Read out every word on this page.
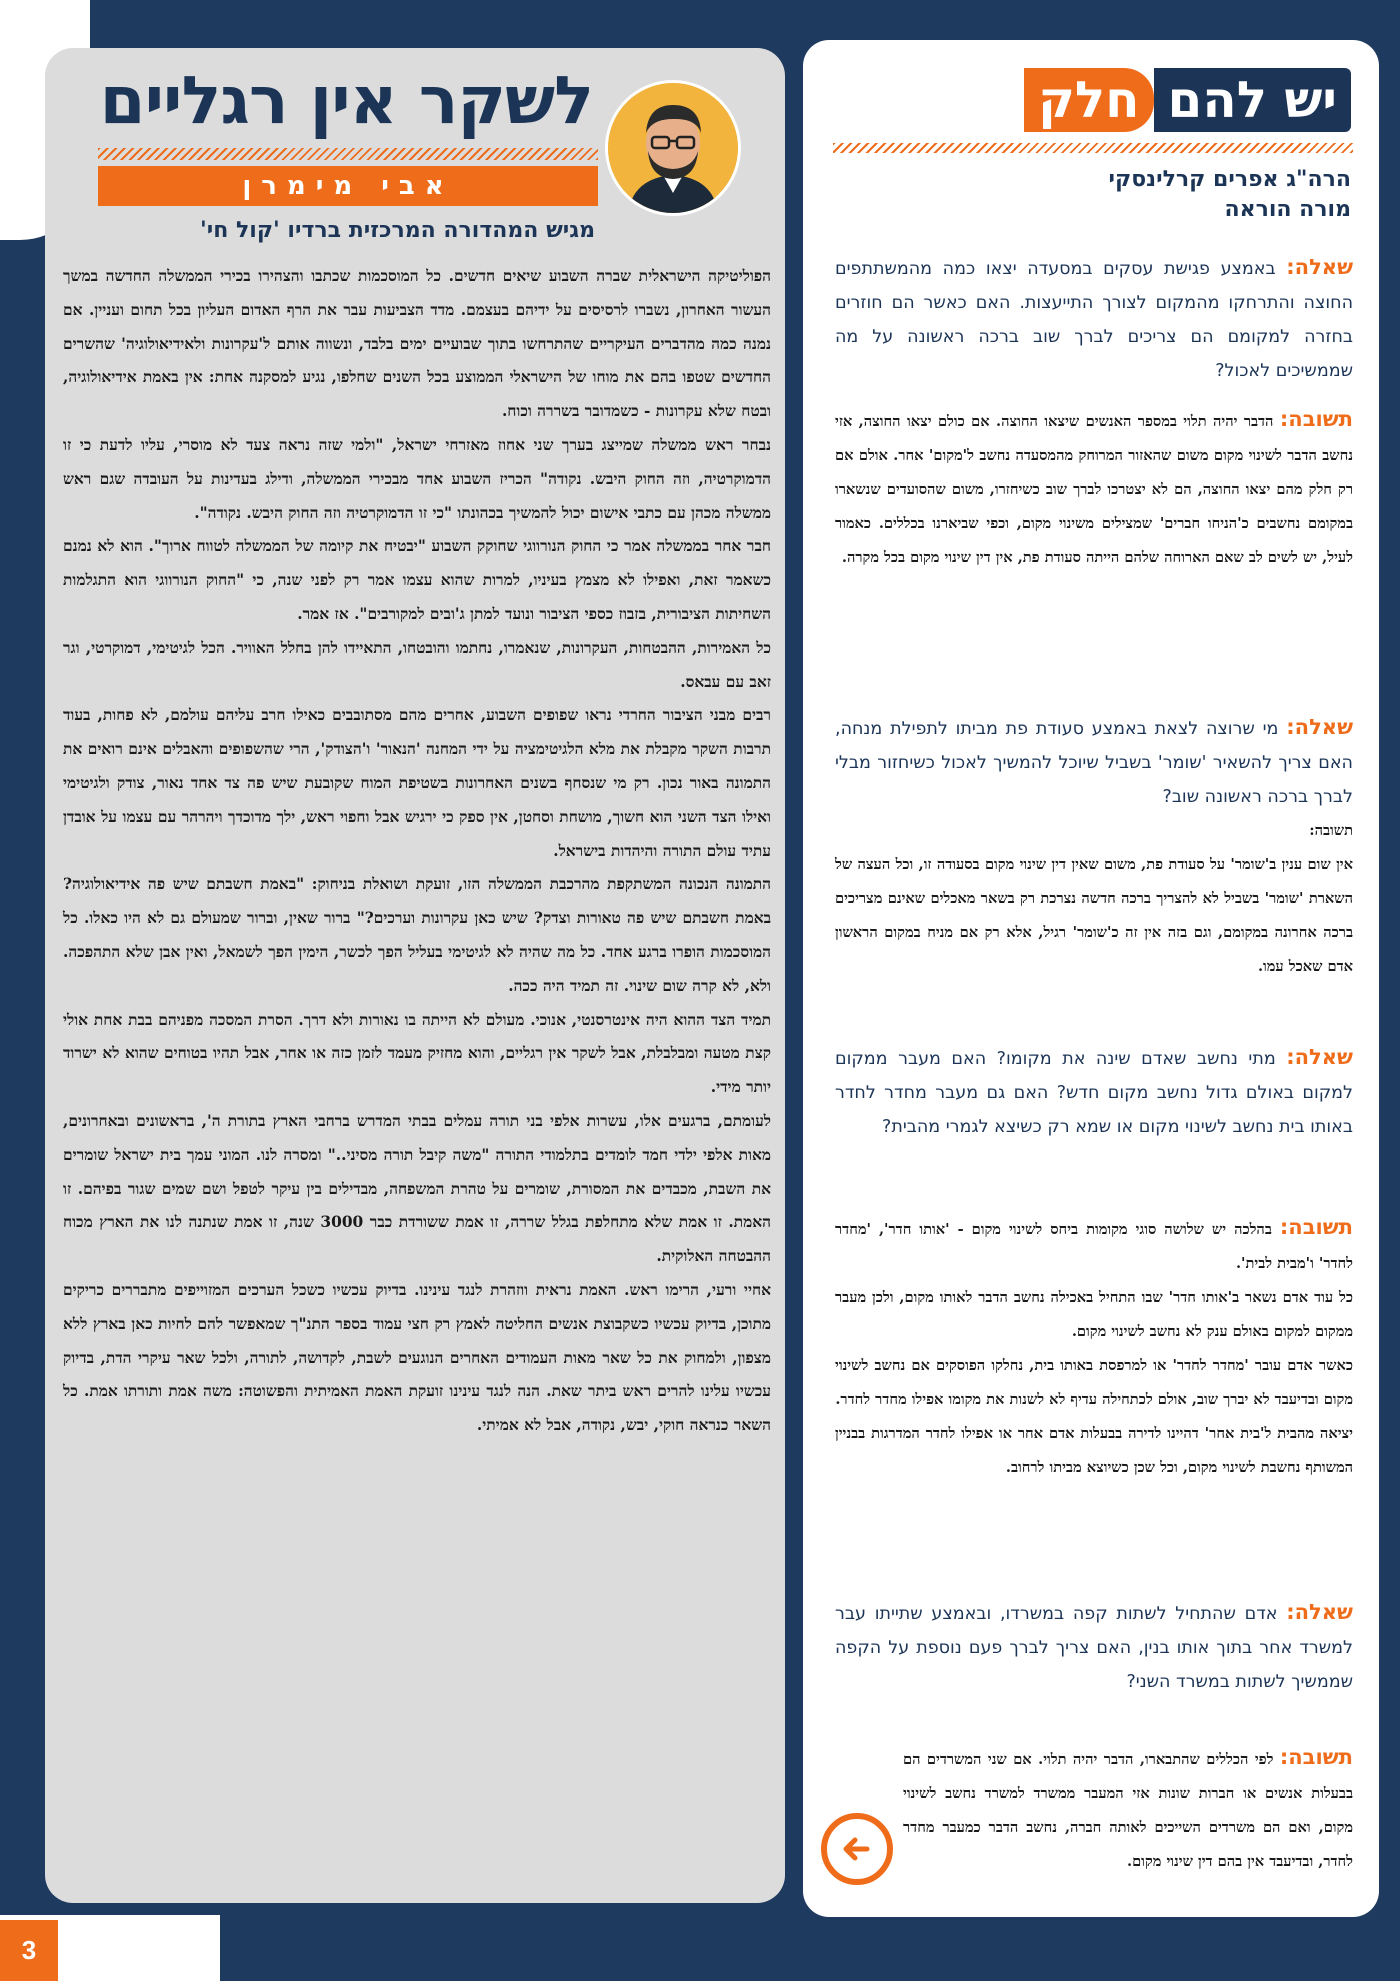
3
לשקר אין רגליים
אבי מימרן
מגיש המהדורה המרכזית ברדיו 'קול חי'

הפוליטיקה הישראלית שברה השבוע שיאים חדשים. כל המוסכמות שכתבו והצהירו בכירי הממשלה החדשה במשך העשור האחרון, נשברו לרסיסים על ידיהם בעצמם. מדד הצביעות עבר את הרף האדום העליון בכל תחום ועניין. אם נמנה כמה מהדברים העיקריים שהתרחשו בתוך שבועיים ימים בלבד, ונשווה אותם ל'עקרונות ולאידיאולוגיה' שהשרים החדשים שטפו בהם את מוחו של הישראלי הממוצע בכל השנים שחלפו, נגיע למסקנה אחת: אין באמת אידיאולוגיה, ובטח שלא עקרונות - כשמדובר בשררה וכוח.

נבחר ראש ממשלה שמייצג בערך שני אחוז מאזרחי ישראל, "ולמי שזה נראה צעד לא מוסרי, עליו לדעת כי זו הדמוקרטיה, וזה החוק היבש. נקודה" הכריז השבוע אחד מבכירי הממשלה, ודילג בעדינות על העובדה שגם ראש ממשלה מכהן עם כתבי אישום יכול להמשיך בכהונתו "כי זו הדמוקרטיה וזה החוק היבש. נקודה".

חבר אחר בממשלה אמר כי החוק הנורווגי שחוקק השבוע "יבטיח את קיומה של הממשלה לטווח ארוך". הוא לא נמנם כשאמר זאת, ואפילו לא מצמץ בעיניו, למרות שהוא עצמו אמר רק לפני שנה, כי "החוק הנורווגי הוא התגלמות השחיתות הציבורית, בזבוז כספי הציבור ונועד למתן ג'ובים למקורבים". אז אמר.

כל האמירות, ההבטחות, העקרונות, שנאמרו, נחתמו והובטחו, התאיידו להן בחלל האוויר. הכל לגיטימי, דמוקרטי, וגר זאב עם עבאס.

רבים מבני הציבור החרדי נראו שפופים השבוע, אחרים מהם מסתובבים כאילו חרב עליהם עולמם, לא פחות, בעוד תרבות השקר מקבלת את מלא הלגיטימציה על ידי המחנה 'הנאור' ו'הצודק', הרי שהשפופים והאבלים אינם רואים את התמונה באור נכון. רק מי שנסחף בשנים האחרונות בשטיפת המוח שקובעת שיש פה צד אחד נאור, צודק ולגיטימי ואילו הצד השני הוא חשוך, מושחת וסחטן, אין ספק כי ירגיש אבל וחפוי ראש, ילך מדוכדך ויהרהר עם עצמו על אובדן עתיד עולם התורה והיהדות בישראל.

התמונה הנכונה המשתקפת מהרכבת הממשלה הזו, זועקת ושואלת בניחוק: "באמת חשבתם שיש פה אידיאולוגיה? באמת חשבתם שיש פה טאורות וצדק? שיש כאן עקרונות וערכים?" ברור שאין, וברור שמעולם גם לא היו כאלו. כל המוסכמות הופרו ברגע אחד. כל מה שהיה לא לגיטימי בעליל הפך לכשר, הימין הפך לשמאל, ואין אבן שלא התהפכה. ולא, לא קרה שום שינוי. זה תמיד היה ככה.

תמיד הצד ההוא היה אינטרסנטי, אנוכי. מעולם לא הייתה בו נאורות ולא דרך. הסרת המסכה מפניהם בבת אחת אולי קצת מטעה ומבלבלת, אבל לשקר אין רגליים, והוא מחזיק מעמד לזמן כזה או אחר, אבל תהיו בטוחים שהוא לא ישרוד יותר מידי.

לעומתם, ברגעים אלו, עשרות אלפי בני תורה עמלים בבתי המדרש ברחבי הארץ בתורת ה', בראשונים ובאחרונים, מאות אלפי ילדי חמד לומדים בתלמודי התורה "משה קיבל תורה מסיני.." ומסרה לנו. המוני עמך בית ישראל שומרים את השבת, מכבדים את המסורת, שומרים על טהרת המשפחה, מבדילים בין עיקר לטפל ושם שמים שגור בפיהם. זו האמת. זו אמת שלא מתחלפת בגלל שררה, זו אמת ששורדת כבר 3000 שנה, זו אמת שנתנה לנו את הארץ מכוח ההבטחה האלוקית.

אחיי ורעי, הרימו ראש. האמת נראית ווזהרת לנגד עינינו. בדיוק עכשיו כשכל הערכים המזוייפים מתבררים כריקים מתוכן, בדיוק עכשיו כשקבוצת אנשים החליטה לאמץ רק חצי עמוד בספר התנ"ך שמאפשר להם לחיות כאן בארץ ללא מצפון, ולמחוק את כל שאר מאות העמודים האחרים הנוגעים לשבת, לקדושה, לתורה, ולכל שאר עיקרי הדת, בדיוק עכשיו עלינו להרים ראש ביתר שאת. הנה לנגד עינינו זועקת האמת האמיתית והפשוטה: משה אמת ותורתו אמת. כל השאר כנראה חוקי, יבש, נקודה, אבל לא אמיתי.

יש להם
חלק
הרה"ג אפרים קרלינסקי
מורה הוראה
שאלה: באמצע פגישת עסקים במסעדה יצאו כמה מהמשתתפים החוצה והתרחקו מהמקום לצורך התייעצות. האם כאשר הם חוזרים בחזרה למקומם הם צריכים לברך שוב ברכה ראשונה על מה שממשיכים לאכול?
תשובה: הדבר יהיה תלוי במספר האנשים שיצאו החוצה. אם כולם יצאו החוצה, אזי נחשב הדבר לשינוי מקום משום שהאזור המרוחק מהמסעדה נחשב ל'מקום' אחר. אולם אם רק חלק מהם יצאו החוצה, הם לא יצטרכו לברך שוב כשיחזרו, משום שהסועדים שנשארו במקומם נחשבים כ'הניחו חברים' שמצילים משינוי מקום, וכפי שביארנו בכללים. כאמור לעיל, יש לשים לב שאם הארוחה שלהם הייתה סעודת פת, אין דין שינוי מקום בכל מקרה.
שאלה: מי שרוצה לצאת באמצע סעודת פת מביתו לתפילת מנחה, האם צריך להשאיר 'שומר' בשביל שיוכל להמשיך לאכול כשיחזור מבלי לברך ברכה ראשונה שוב?

תשובה:

אין שום ענין ב'שומר' על סעודת פת, משום שאין דין שינוי מקום בסעודה זו, וכל העצה של השארת 'שומר' בשביל לא להצריך ברכה חדשה נצרכת רק בשאר מאכלים שאינם מצריכים ברכה אחרונה במקומם, וגם בזה אין זה כ'שומר' רגיל, אלא רק אם מניח במקום הראשון אדם שאכל עמו.

שאלה: מתי נחשב שאדם שינה את מקומו? האם מעבר ממקום למקום באולם גדול נחשב מקום חדש? האם גם מעבר מחדר לחדר באותו בית נחשב לשינוי מקום או שמא רק כשיצא לגמרי מהבית?

תשובה: בהלכה יש שלושה סוגי מקומות ביחס לשינוי מקום - 'אותו חדר', 'מחדר לחדר' ו'מבית לבית'.

כל עוד אדם נשאר ב'אותו חדר' שבו התחיל באכילה נחשב הדבר לאותו מקום, ולכן מעבר ממקום למקום באולם ענק לא נחשב לשינוי מקום.

כאשר אדם עובר 'מחדר לחדר' או למרפסת באותו בית, נחלקו הפוסקים אם נחשב לשינוי מקום ובדיעבד לא יברך שוב, אולם לכתחילה עדיף לא לשנות את מקומו אפילו מחדר לחדר.

יציאה מהבית ל'בית אחר' דהיינו לדירה בבעלות אדם אחר או אפילו לחדר המדרגות בבניין המשותף נחשבת לשינוי מקום, וכל שכן כשיוצא מביתו לרחוב.

שאלה: אדם שהתחיל לשתות קפה במשרדו, ובאמצע שתייתו עבר למשרד אחר בתוך אותו בנין, האם צריך לברך פעם נוספת על הקפה שממשיך לשתות במשרד השני?
תשובה: לפי הכללים שהתבארו, הדבר יהיה תלוי. אם שני המשרדים הם בבעלות אנשים או חברות שונות אזי המעבר ממשרד למשרד נחשב לשינוי מקום, ואם הם משרדים השייכים לאותה חברה, נחשב הדבר כמעבר מחדר לחדר, ובדיעבד אין בהם דין שינוי מקום.
